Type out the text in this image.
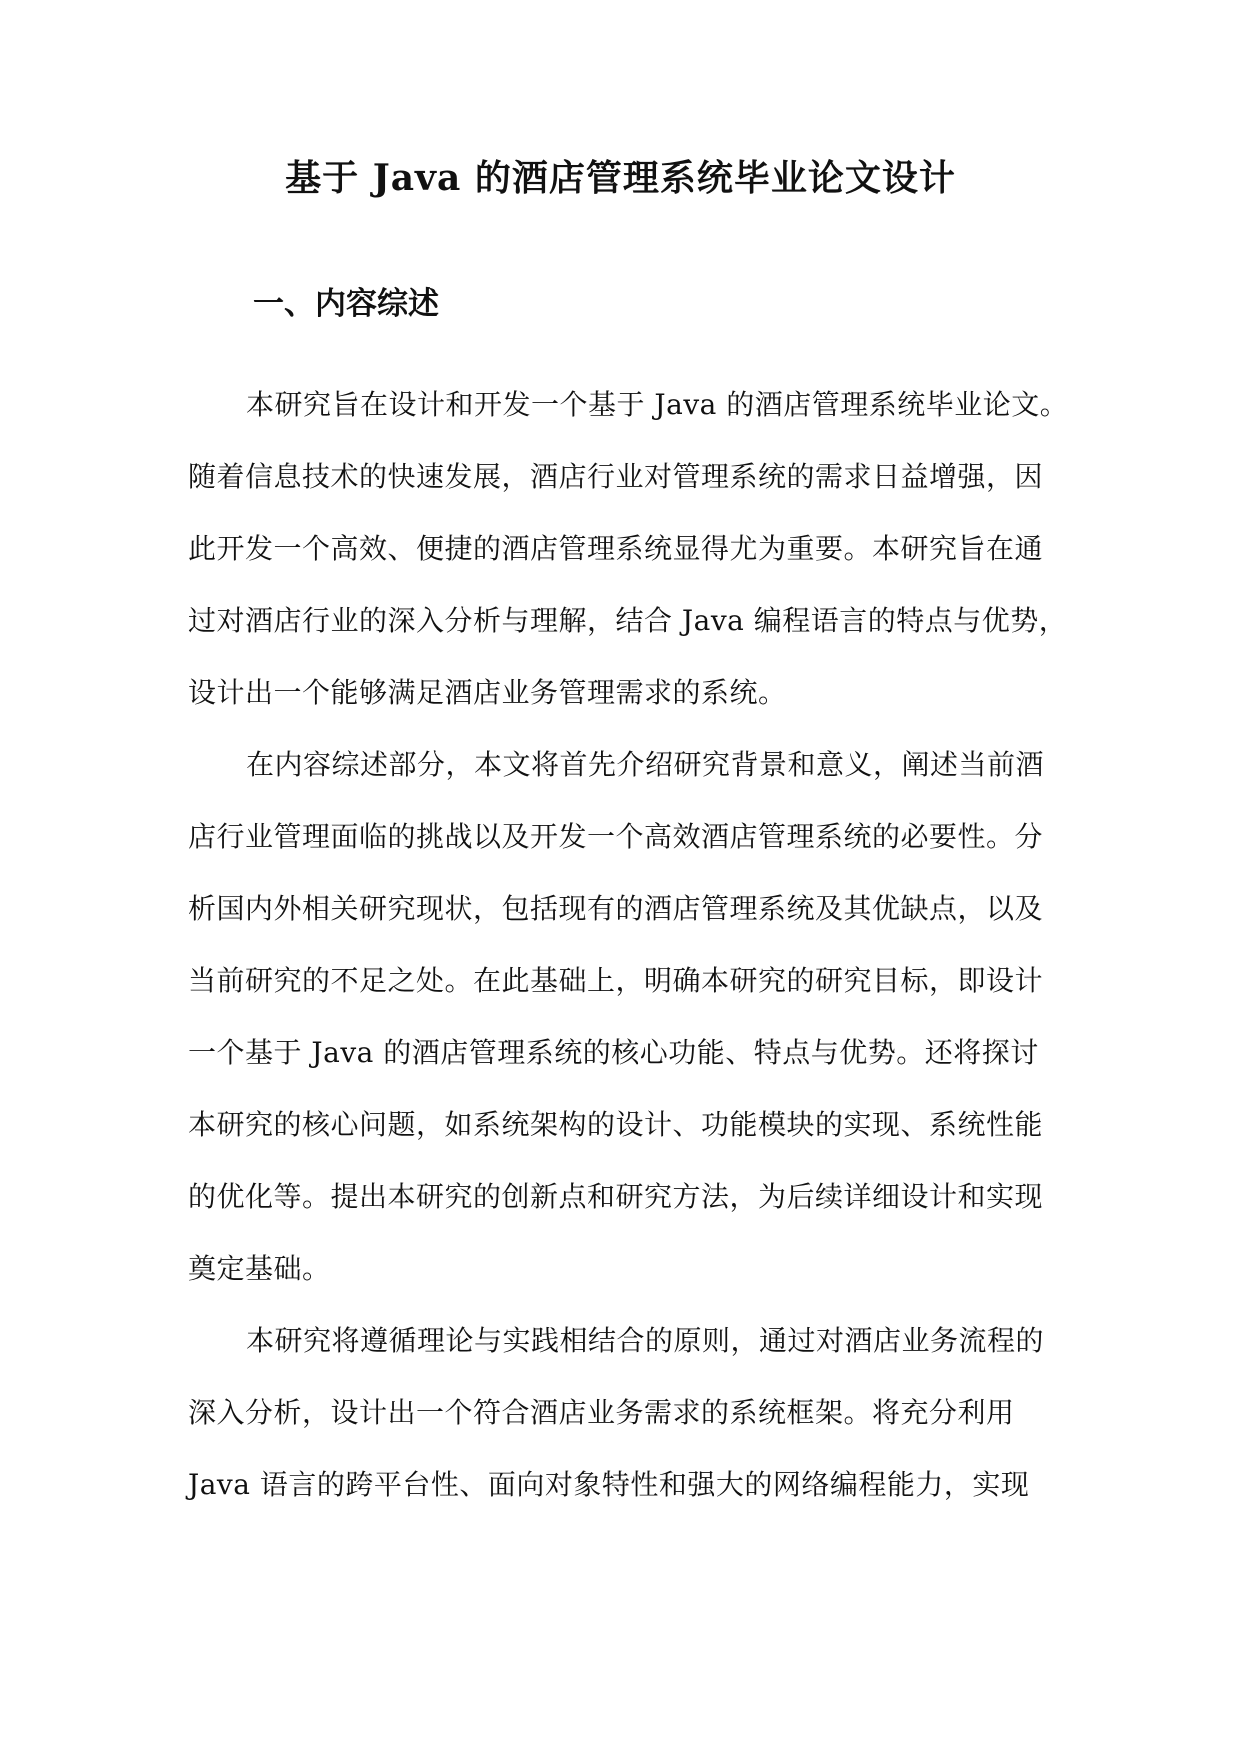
基于 Java 的酒店管理系统毕业论文设计
一、内容综述
本研究旨在设计和开发一个基于 Java 的酒店管理系统毕业论文。
随着信息技术的快速发展，酒店行业对管理系统的需求日益增强，因
此开发一个高效、便捷的酒店管理系统显得尤为重要。本研究旨在通
过对酒店行业的深入分析与理解，结合 Java 编程语言的特点与优势，
设计出一个能够满足酒店业务管理需求的系统。
在内容综述部分，本文将首先介绍研究背景和意义，阐述当前酒
店行业管理面临的挑战以及开发一个高效酒店管理系统的必要性。分
析国内外相关研究现状，包括现有的酒店管理系统及其优缺点，以及
当前研究的不足之处。在此基础上，明确本研究的研究目标，即设计
一个基于 Java 的酒店管理系统的核心功能、特点与优势。还将探讨
本研究的核心问题，如系统架构的设计、功能模块的实现、系统性能
的优化等。提出本研究的创新点和研究方法，为后续详细设计和实现
奠定基础。
本研究将遵循理论与实践相结合的原则，通过对酒店业务流程的
深入分析，设计出一个符合酒店业务需求的系统框架。将充分利用
Java 语言的跨平台性、面向对象特性和强大的网络编程能力，实现
